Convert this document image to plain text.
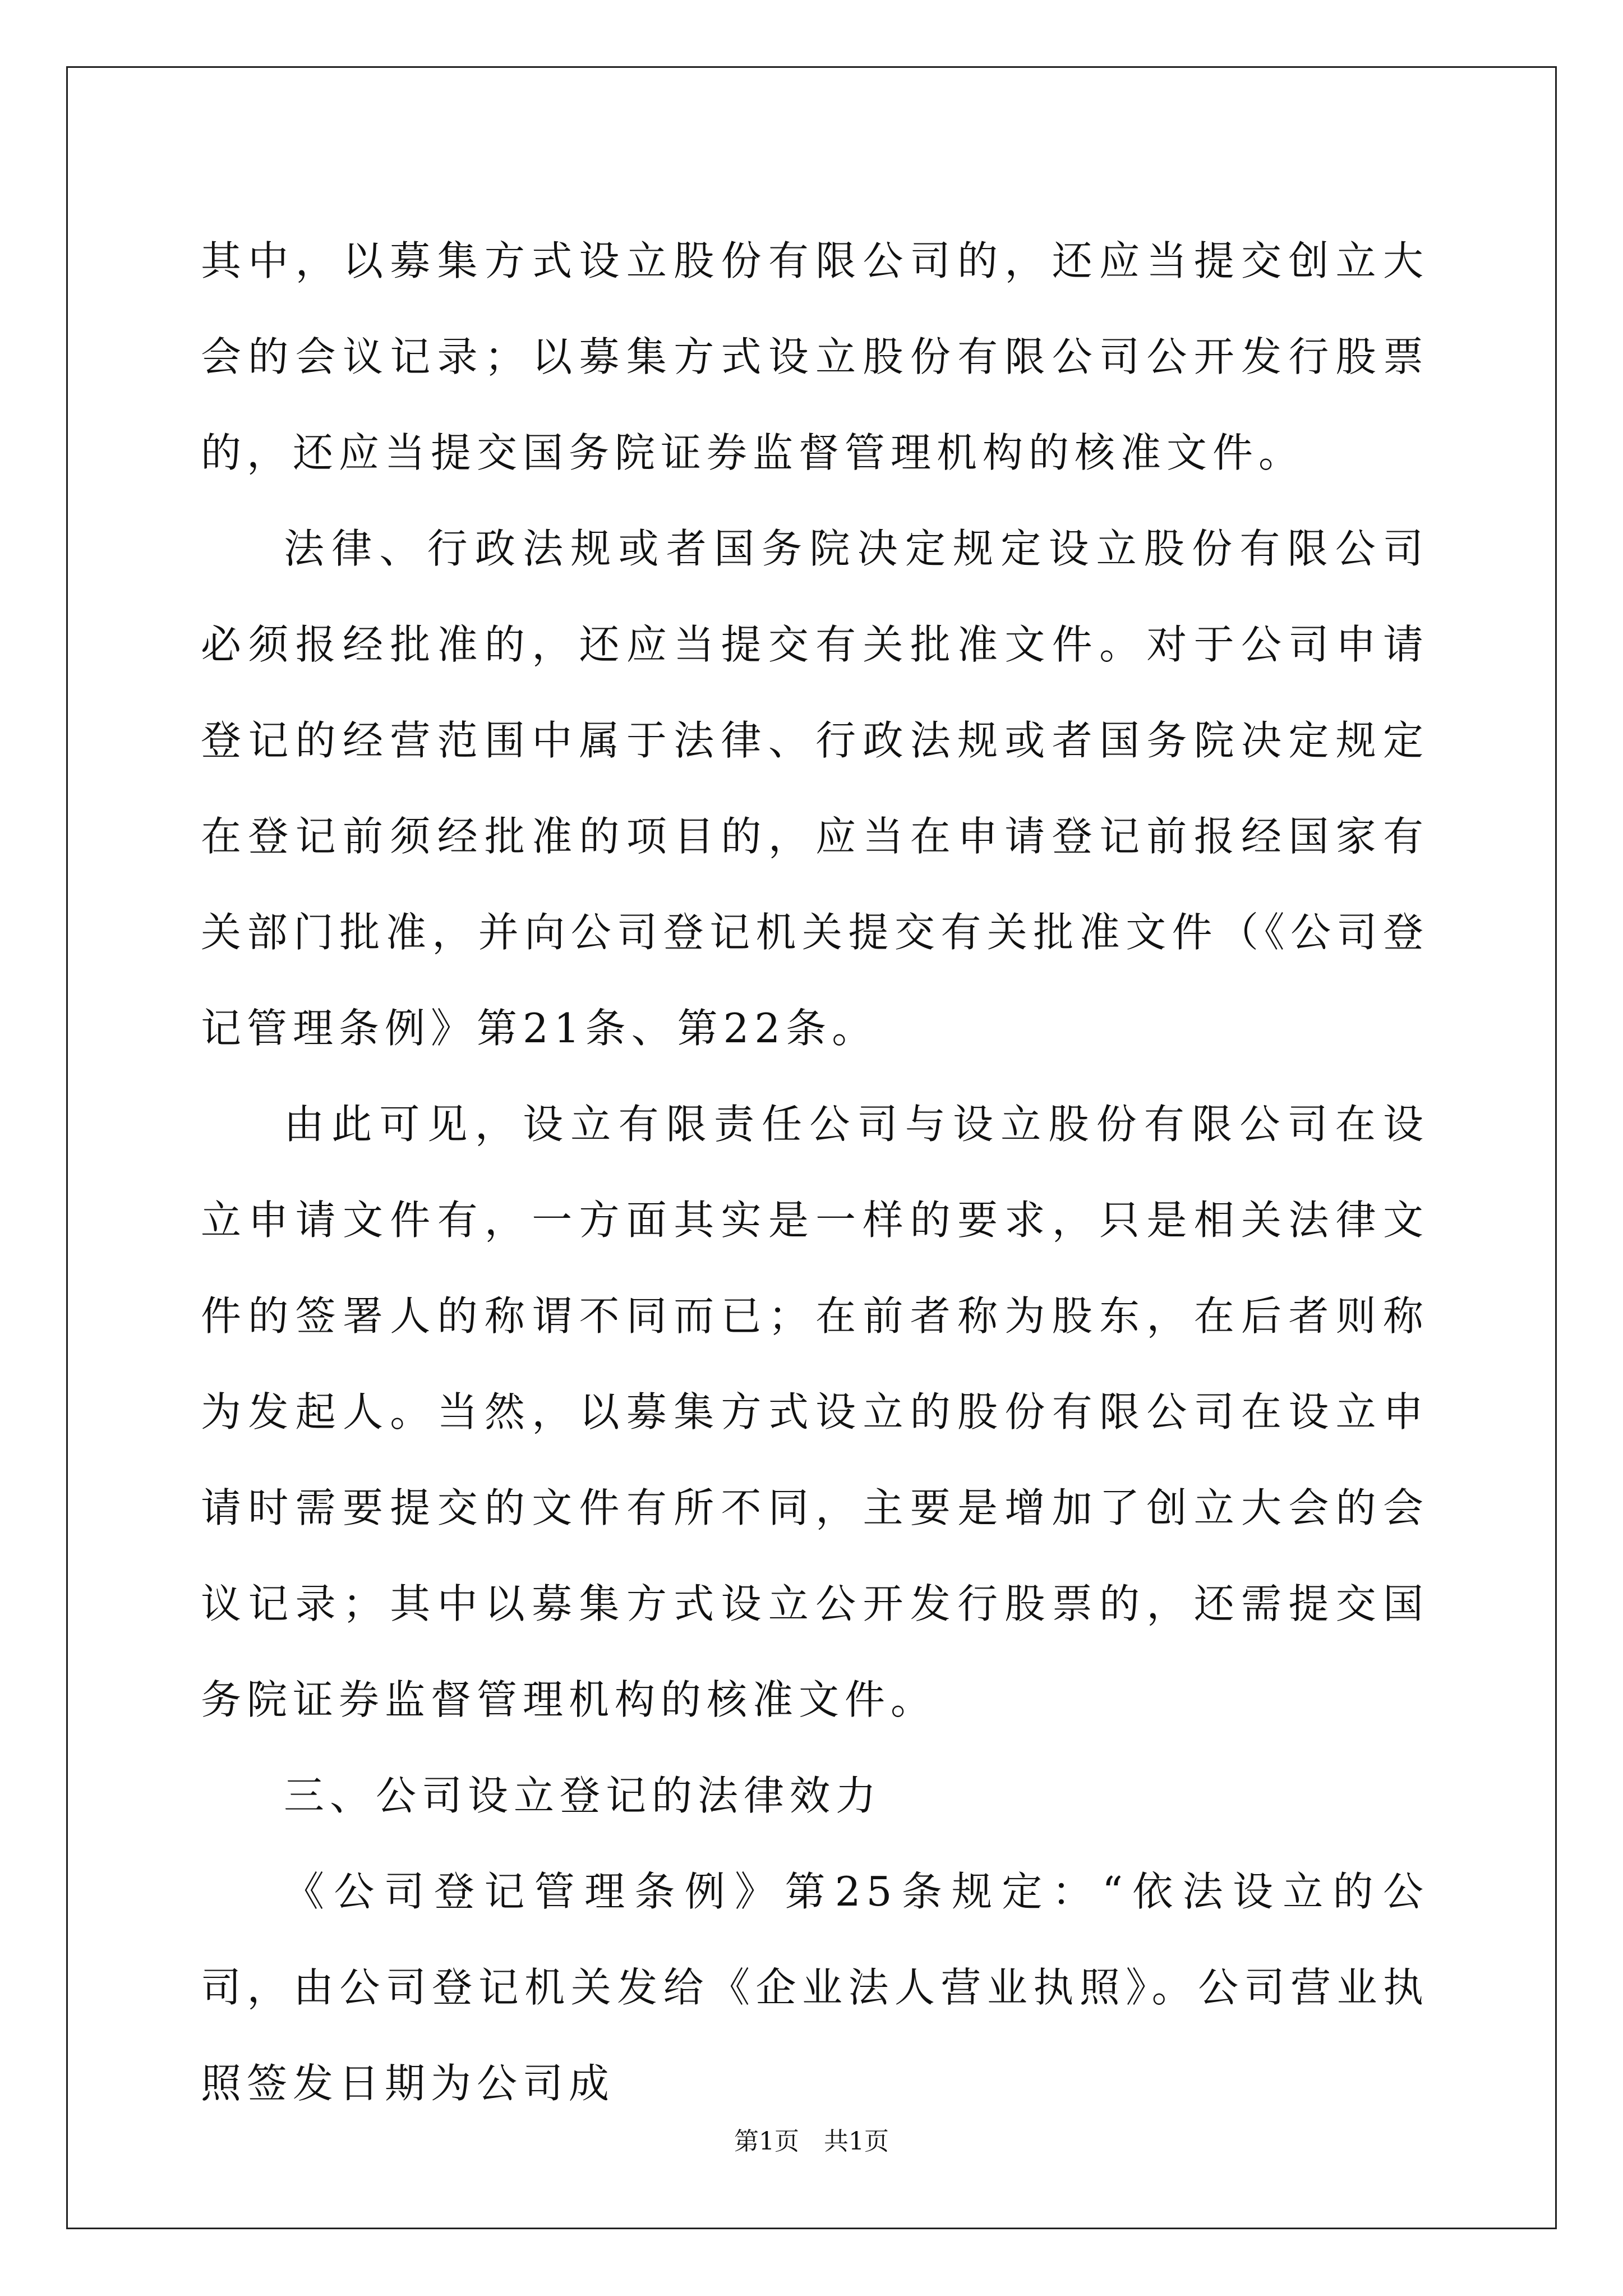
其中，以募集方式设立股份有限公司的，还应当提交创立大会的会议记录；以募集方式设立股份有限公司公开发行股票的，还应当提交国务院证券监督管理机构的核准文件。

法律、行政法规或者国务院决定规定设立股份有限公司必须报经批准的，还应当提交有关批准文件。对于公司申请登记的经营范围中属于法律、行政法规或者国务院决定规定在登记前须经批准的项目的，应当在申请登记前报经国家有关部门批准，并向公司登记机关提交有关批准文件（《公司登记管理条例》第21条、第22条。

由此可见，设立有限责任公司与设立股份有限公司在设立申请文件有，一方面其实是一样的要求，只是相关法律文件的签署人的称谓不同而已；在前者称为股东，在后者则称为发起人。当然，以募集方式设立的股份有限公司在设立申请时需要提交的文件有所不同，主要是增加了创立大会的会议记录；其中以募集方式设立公开发行股票的，还需提交国务院证券监督管理机构的核准文件。

三、公司设立登记的法律效力

《公司登记管理条例》第25条规定：“依法设立的公司，由公司登记机关发给《企业法人营业执照》。公司营业执照签发日期为公司成

第1页　共1页
